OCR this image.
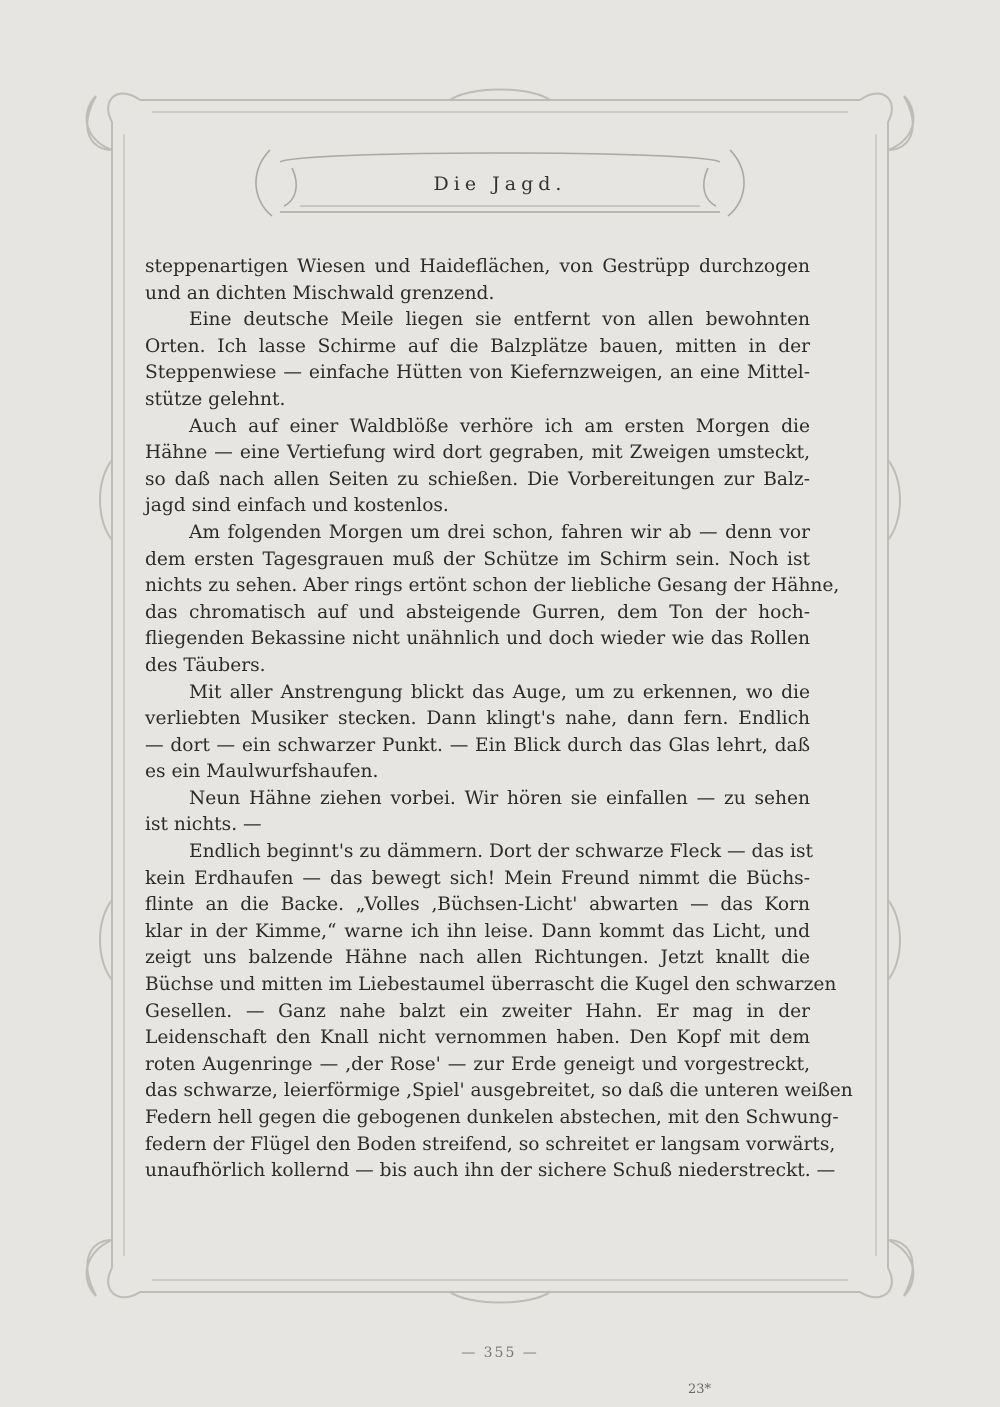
Die Jagd.
steppenartigen Wiesen und Haideflächen, von Gestrüpp durchzogen
und an dichten Mischwald grenzend.
Eine deutsche Meile liegen sie entfernt von allen bewohnten
Orten. Ich lasse Schirme auf die Balzplätze bauen, mitten in der
Steppenwiese — einfache Hütten von Kiefernzweigen, an eine Mittel-
stütze gelehnt.
Auch auf einer Waldblöße verhöre ich am ersten Morgen die
Hähne — eine Vertiefung wird dort gegraben, mit Zweigen umsteckt,
so daß nach allen Seiten zu schießen. Die Vorbereitungen zur Balz-
jagd sind einfach und kostenlos.
Am folgenden Morgen um drei schon, fahren wir ab — denn vor
dem ersten Tagesgrauen muß der Schütze im Schirm sein. Noch ist
nichts zu sehen. Aber rings ertönt schon der liebliche Gesang der Hähne,
das chromatisch auf und absteigende Gurren, dem Ton der hoch-
fliegenden Bekassine nicht unähnlich und doch wieder wie das Rollen
des Täubers.
Mit aller Anstrengung blickt das Auge, um zu erkennen, wo die
verliebten Musiker stecken. Dann klingt's nahe, dann fern. Endlich
— dort — ein schwarzer Punkt. — Ein Blick durch das Glas lehrt, daß
es ein Maulwurfshaufen.
Neun Hähne ziehen vorbei. Wir hören sie einfallen — zu sehen
ist nichts. —
Endlich beginnt's zu dämmern. Dort der schwarze Fleck — das ist
kein Erdhaufen — das bewegt sich! Mein Freund nimmt die Büchs-
flinte an die Backe. „Volles ‚Büchsen-Licht' abwarten — das Korn
klar in der Kimme,“ warne ich ihn leise. Dann kommt das Licht, und
zeigt uns balzende Hähne nach allen Richtungen. Jetzt knallt die
Büchse und mitten im Liebestaumel überrascht die Kugel den schwarzen
Gesellen. — Ganz nahe balzt ein zweiter Hahn. Er mag in der
Leidenschaft den Knall nicht vernommen haben. Den Kopf mit dem
roten Augenringe — ‚der Rose' — zur Erde geneigt und vorgestreckt,
das schwarze, leierförmige ‚Spiel' ausgebreitet, so daß die unteren weißen
Federn hell gegen die gebogenen dunkelen abstechen, mit den Schwung-
federn der Flügel den Boden streifend, so schreitet er langsam vorwärts,
unaufhörlich kollernd — bis auch ihn der sichere Schuß niederstreckt. —
— 355 —
23*
